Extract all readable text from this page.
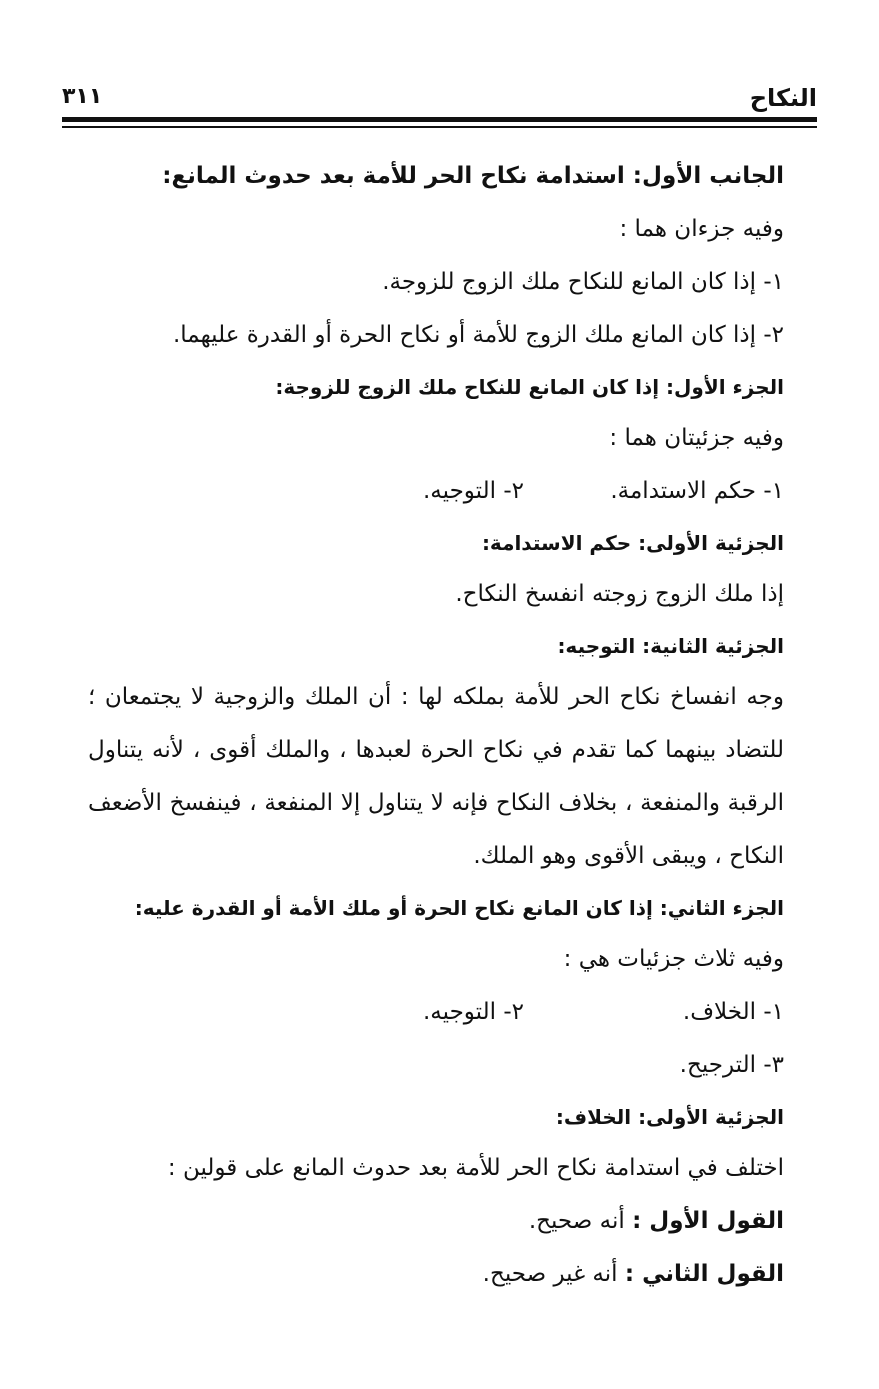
النكاح
٣١١
الجانب الأول: استدامة نكاح الحر للأمة بعد حدوث المانع:
وفيه جزءان هما :
١- إذا كان المانع للنكاح ملك الزوج للزوجة.
٢- إذا كان المانع ملك الزوج للأمة أو نكاح الحرة أو القدرة عليهما.
الجزء الأول: إذا كان المانع للنكاح ملك الزوج للزوجة:
وفيه جزئيتان هما :
١- حكم الاستدامة.
٢- التوجيه.
الجزئية الأولى: حكم الاستدامة:
إذا ملك الزوج زوجته انفسخ النكاح.
الجزئية الثانية: التوجيه:
وجه انفساخ نكاح الحر للأمة بملكه لها : أن الملك والزوجية لا يجتمعان ؛
للتضاد بينهما كما تقدم في نكاح الحرة لعبدها ، والملك أقوى ، لأنه يتناول
الرقبة والمنفعة ، بخلاف النكاح فإنه لا يتناول إلا المنفعة ، فينفسخ الأضعف
النكاح ، ويبقى الأقوى وهو الملك.
الجزء الثاني: إذا كان المانع نكاح الحرة أو ملك الأمة أو القدرة عليه:
وفيه ثلاث جزئيات هي :
١- الخلاف.
٢- التوجيه.
٣- الترجيح.
الجزئية الأولى: الخلاف:
اختلف في استدامة نكاح الحر للأمة بعد حدوث المانع على قولين :
القول الأول : أنه صحيح.
القول الثاني : أنه غير صحيح.
